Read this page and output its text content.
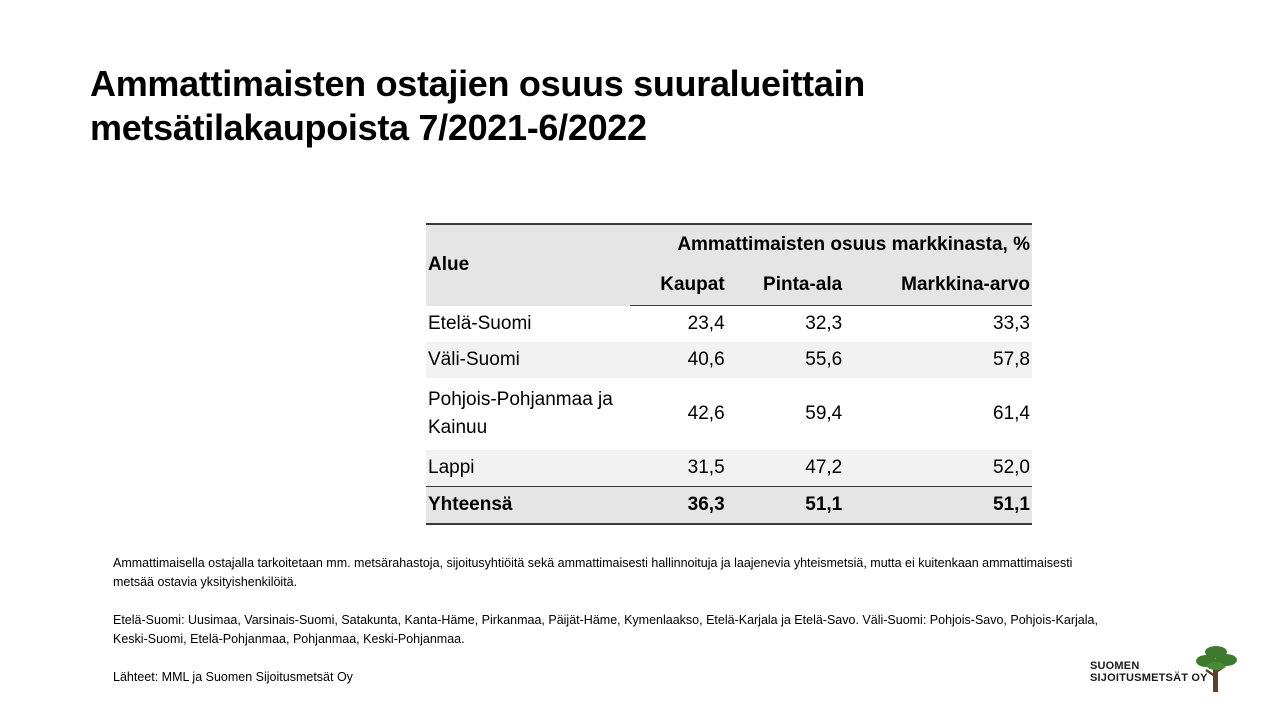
Ammattimaisten ostajien osuus suuralueittain
metsätilakaupoista 7/2021-6/2022
Alue	Ammattimaisten osuus markkinasta, %		
	Kaupat	Pinta-ala	Markkina-arvo
Etelä-Suomi	23,4	32,3	33,3
Väli-Suomi	40,6	55,6	57,8
Pohjois-Pohjanmaa ja Kainuu	42,6	59,4	61,4
Lappi	31,5	47,2	52,0
Yhteensä	36,3	51,1	51,1

Ammattimaisella ostajalla tarkoitetaan mm. metsärahastoja, sijoitusyhtiöitä sekä ammattimaisesti hallinnoituja ja laajenevia yhteismetsiä, mutta ei kuitenkaan ammattimaisesti metsää ostavia yksityishenkilöitä.

Etelä-Suomi: Uusimaa, Varsinais-Suomi, Satakunta, Kanta-Häme, Pirkanmaa, Päijät-Häme, Kymenlaakso, Etelä-Karjala ja Etelä-Savo. Väli-Suomi: Pohjois-Savo, Pohjois-Karjala, Keski-Suomi, Etelä-Pohjanmaa, Pohjanmaa, Keski-Pohjanmaa.

Lähteet: MML ja Suomen Sijoitusmetsät Oy

SUOMEN
SIJOITUSMETSÄT OY
